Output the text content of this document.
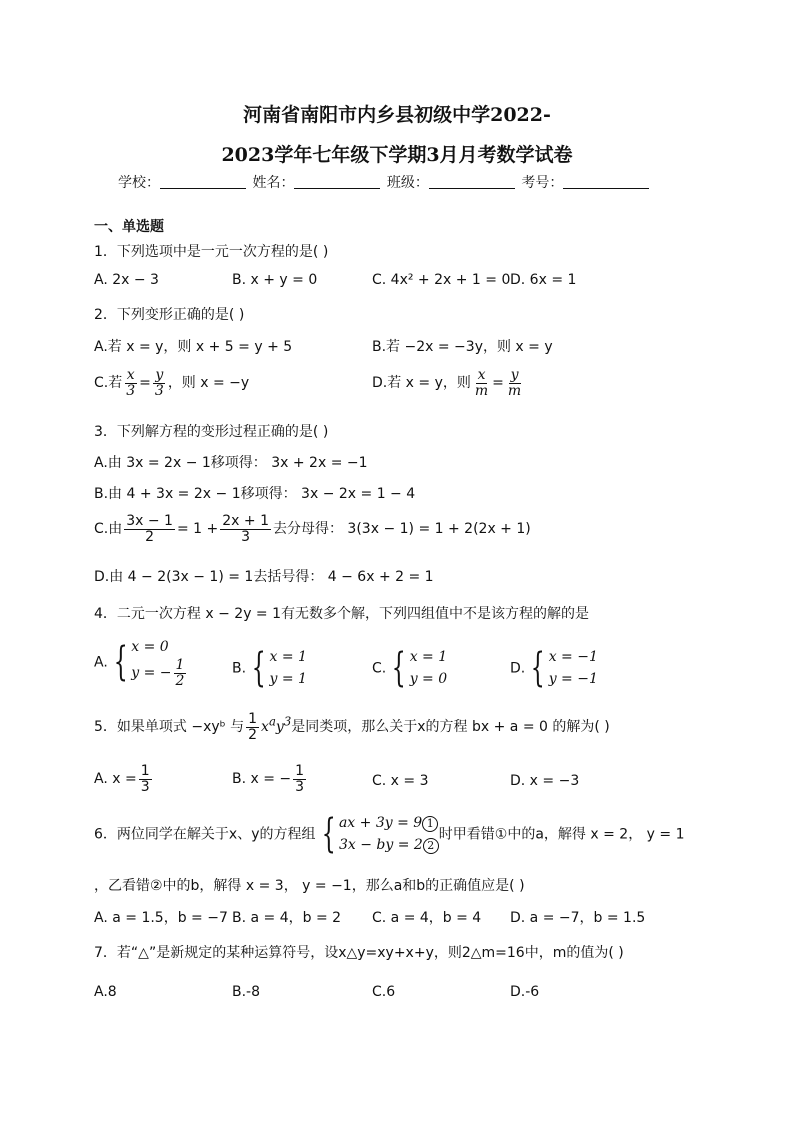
河南省南阳市内乡县初级中学2022-
2023学年七年级下学期3月月考数学试卷
学校：	姓名：	班级：	考号：
一、单选题
1．下列选项中是一元一次方程的是( )
A. 2x − 3	B. x + y = 0	C. 4x² + 2x + 1 = 0 D. 6x = 1
2．下列变形正确的是( )
A.若 x = y，则 x + 5 = y + 5	B.若 −2x = −3y，则 x = y
C.若 $\frac{x}{3} = \frac{y}{3}$ ，则 x = −y	D.若 x = y，则 $\frac{x}{m} = \frac{y}{m}$
3．下列解方程的变形过程正确的是( )
A.由 3x = 2x − 1移项得： 3x + 2x = −1
B.由 4 + 3x = 2x − 1移项得： 3x − 2x = 1 − 4
C.由 $\frac{3x - 1}{2} = 1 + \frac{2x + 1}{3}$ 去分母得： 3(3x − 1) = 1 + 2(2x + 1)
D.由 4 − 2(3x − 1) = 1去括号得： 4 − 6x + 2 = 1
4．二元一次方程 x − 2y = 1有无数多个解，下列四组值中不是该方程的解的是
A. { x = 0
y = − $\frac{1}{2}$	B. { x = 1
y = 1
C. { x = 1
y = 0
D. { x = −1
y = −1
5．如果单项式 −xyᵇ 与 $\frac{1}{2} x^ay^3$是同类项，那么关于x的方程 bx + a = 0 的解为( )
A. $x = \frac{1}{3}$	B. x = − $\frac{1}{3}$	C. x = 3	D. x = −3
6．两位同学在解关于x、y的方程组 { ax + 3y = 9 1
3x − by = 2 2
时甲看错①中的a，解得 x = 2， y = 1
，乙看错②中的b，解得 x = 3， y = −1，那么a和b的正确值应是( )
A. a = 1.5，b = −7 B. a = 4，b = 2 C. a = 4，b = 4 D. a = −7，b = 1.5
7．若“△”是新规定的某种运算符号，设x△y=xy+x+y，则2△m=16中，m的值为( )
A.8	B.-8	C.6	D.-6
